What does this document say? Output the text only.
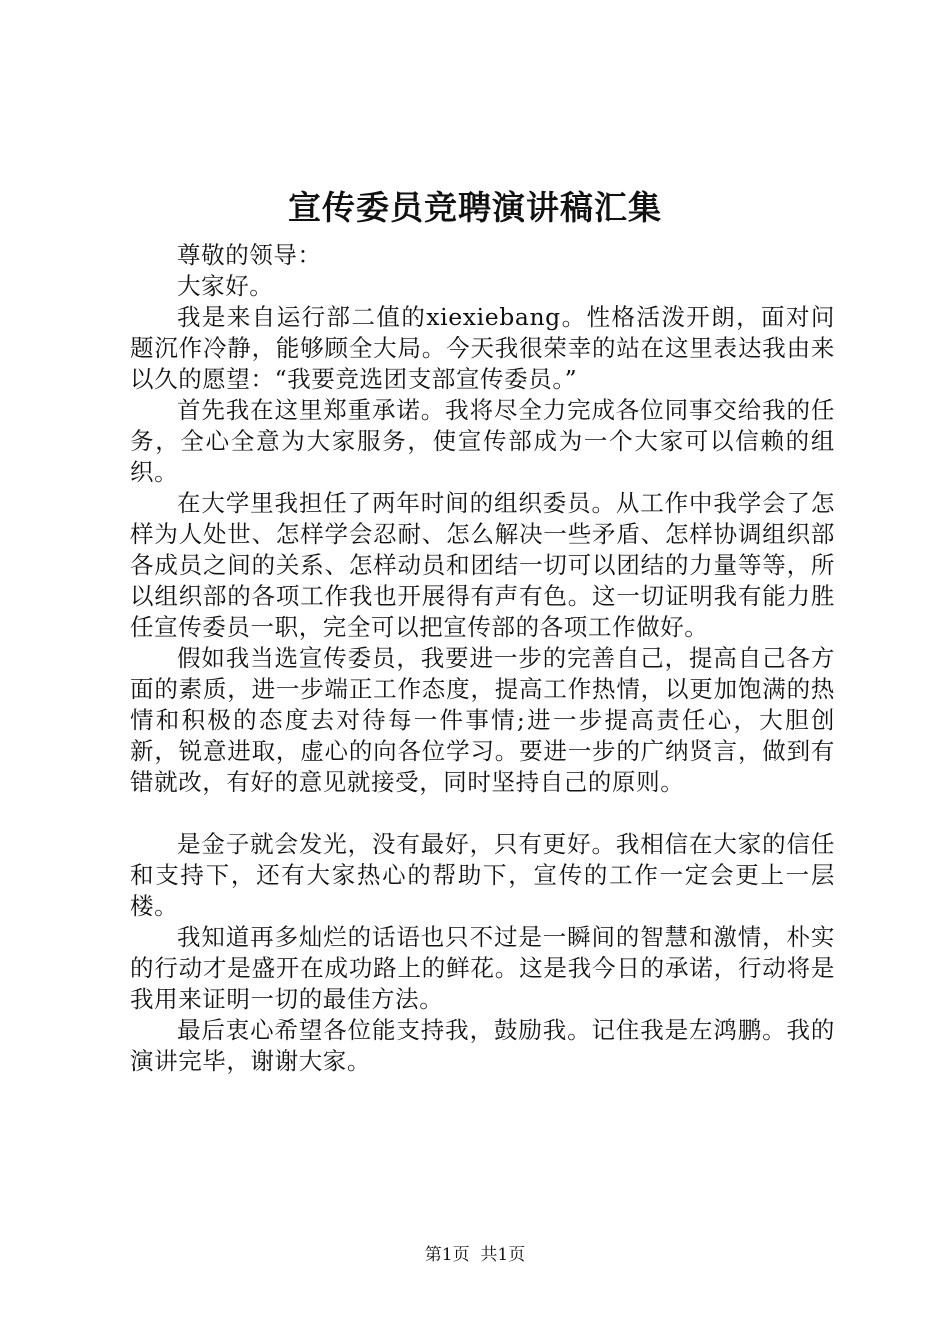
宣传委员竞聘演讲稿汇集

尊敬的领导：

大家好。

我是来自运行部二值的xiexiebang。性格活泼开朗，面对问题沉作冷静，能够顾全大局。今天我很荣幸的站在这里表达我由来以久的愿望：“我要竞选团支部宣传委员。”

首先我在这里郑重承诺。我将尽全力完成各位同事交给我的任务，全心全意为大家服务，使宣传部成为一个大家可以信赖的组织。

在大学里我担任了两年时间的组织委员。从工作中我学会了怎样为人处世、怎样学会忍耐、怎么解决一些矛盾、怎样协调组织部各成员之间的关系、怎样动员和团结一切可以团结的力量等等，所以组织部的各项工作我也开展得有声有色。这一切证明我有能力胜任宣传委员一职，完全可以把宣传部的各项工作做好。

假如我当选宣传委员，我要进一步的完善自己，提高自己各方面的素质，进一步端正工作态度，提高工作热情，以更加饱满的热情和积极的态度去对待每一件事情;进一步提高责任心，大胆创新，锐意进取，虚心的向各位学习。要进一步的广纳贤言，做到有错就改，有好的意见就接受，同时坚持自己的原则。

是金子就会发光，没有最好，只有更好。我相信在大家的信任和支持下，还有大家热心的帮助下，宣传的工作一定会更上一层楼。

我知道再多灿烂的话语也只不过是一瞬间的智慧和激情，朴实的行动才是盛开在成功路上的鲜花。这是我今日的承诺，行动将是我用来证明一切的最佳方法。

最后衷心希望各位能支持我，鼓励我。记住我是左鸿鹏。我的演讲完毕，谢谢大家。

第1页  共1页
